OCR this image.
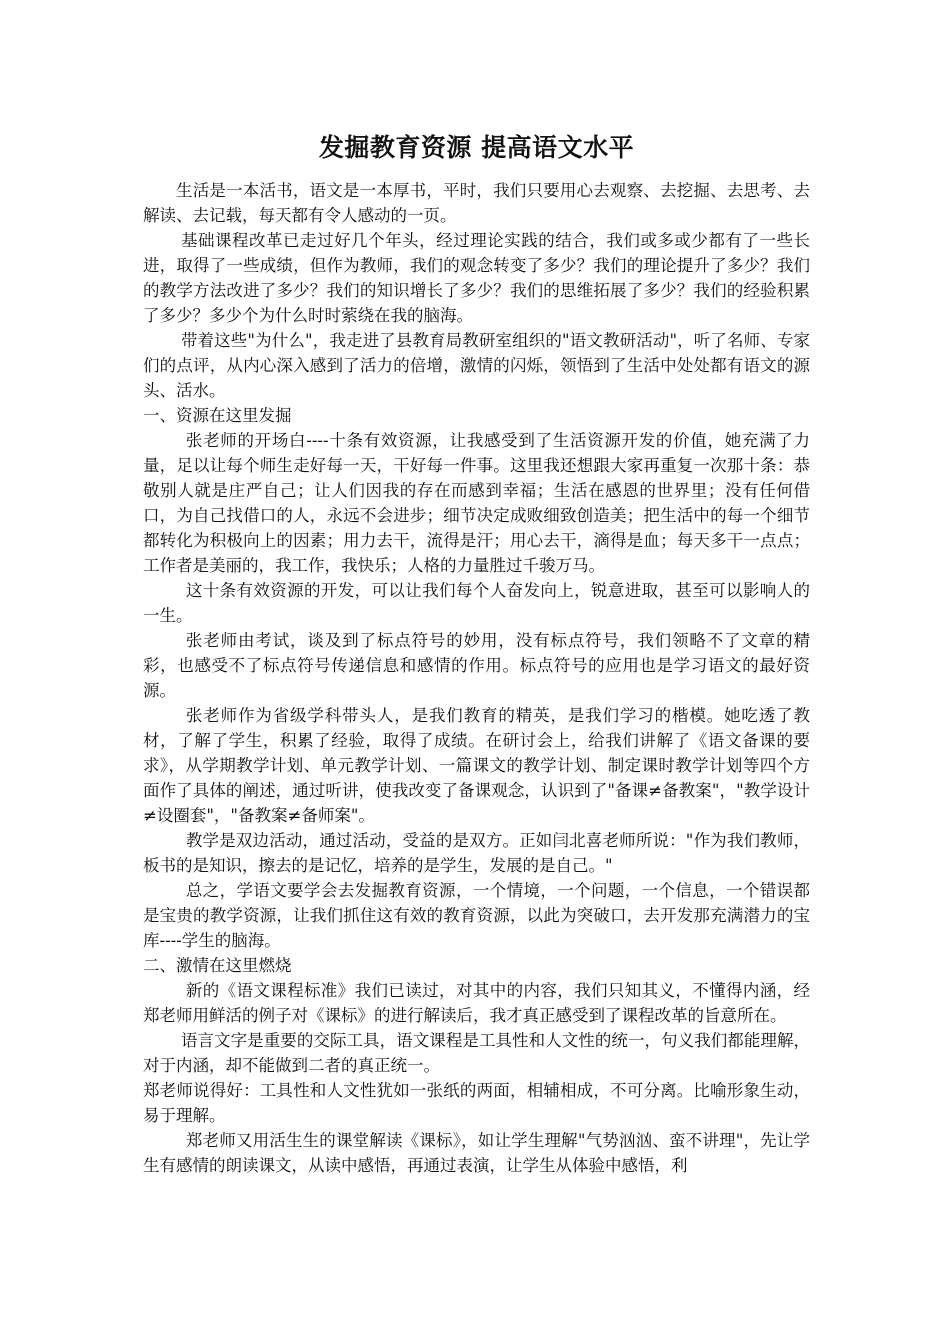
发掘教育资源 提高语文水平

生活是一本活书，语文是一本厚书，平时，我们只要用心去观察、去挖掘、去思考、去解读、去记载，每天都有令人感动的一页。

基础课程改革已走过好几个年头，经过理论实践的结合，我们或多或少都有了一些长进，取得了一些成绩，但作为教师，我们的观念转变了多少？我们的理论提升了多少？我们的教学方法改进了多少？我们的知识增长了多少？我们的思维拓展了多少？我们的经验积累了多少？多少个为什么时时萦绕在我的脑海。

带着这些"为什么"，我走进了县教育局教研室组织的"语文教研活动"，听了名师、专家们的点评，从内心深入感到了活力的倍增，激情的闪烁，领悟到了生活中处处都有语文的源头、活水。

一、资源在这里发掘

张老师的开场白----十条有效资源，让我感受到了生活资源开发的价值，她充满了力量，足以让每个师生走好每一天，干好每一件事。这里我还想跟大家再重复一次那十条：恭敬别人就是庄严自己；让人们因我的存在而感到幸福；生活在感恩的世界里；没有任何借口，为自己找借口的人，永远不会进步；细节决定成败细致创造美；把生活中的每一个细节都转化为积极向上的因素；用力去干，流得是汗；用心去干，滴得是血；每天多干一点点；工作者是美丽的，我工作，我快乐；人格的力量胜过千骏万马。

这十条有效资源的开发，可以让我们每个人奋发向上，锐意进取，甚至可以影响人的一生。

张老师由考试，谈及到了标点符号的妙用，没有标点符号，我们领略不了文章的精彩，也感受不了标点符号传递信息和感情的作用。标点符号的应用也是学习语文的最好资源。

张老师作为省级学科带头人，是我们教育的精英，是我们学习的楷模。她吃透了教材，了解了学生，积累了经验，取得了成绩。在研讨会上，给我们讲解了《语文备课的要求》，从学期教学计划、单元教学计划、一篇课文的教学计划、制定课时教学计划等四个方面作了具体的阐述，通过听讲，使我改变了备课观念，认识到了"备课≠备教案"，"教学设计≠设圈套"，"备教案≠备师案"。

教学是双边活动，通过活动，受益的是双方。正如闫北喜老师所说："作为我们教师，板书的是知识，擦去的是记忆，培养的是学生，发展的是自己。"

总之，学语文要学会去发掘教育资源，一个情境，一个问题，一个信息，一个错误都是宝贵的教学资源，让我们抓住这有效的教育资源，以此为突破口，去开发那充满潜力的宝库----学生的脑海。

二、激情在这里燃烧

新的《语文课程标准》我们已读过，对其中的内容，我们只知其义，不懂得内涵，经郑老师用鲜活的例子对《课标》的进行解读后，我才真正感受到了课程改革的旨意所在。

语言文字是重要的交际工具，语文课程是工具性和人文性的统一，句义我们都能理解，对于内涵，却不能做到二者的真正统一。

郑老师说得好：工具性和人文性犹如一张纸的两面，相辅相成，不可分离。比喻形象生动，易于理解。

郑老师又用活生生的课堂解读《课标》，如让学生理解"气势汹汹、蛮不讲理"，先让学生有感情的朗读课文，从读中感悟，再通过表演，让学生从体验中感悟，利
